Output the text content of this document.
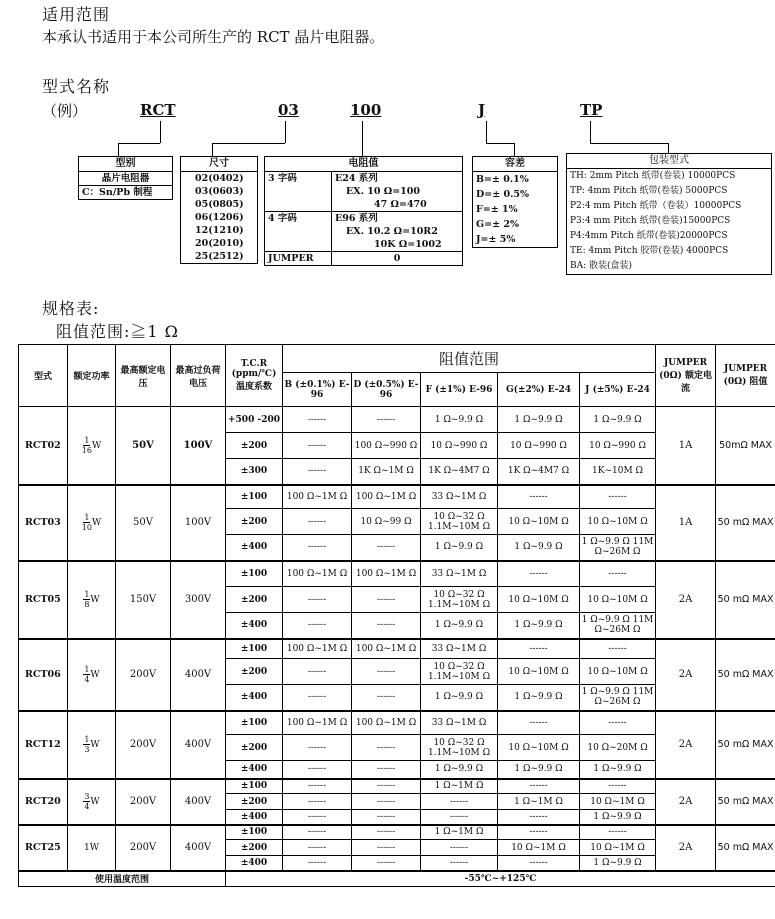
适用范围
本承认书适用于本公司所生产的 RCT 晶片电阻器。
型式名称
（例）	RCT	03	100	J	TP
型别
晶片电阻器
C：Sn/Pb 制程
尺寸
02(0402)
03(0603)
05(0805)
06(1206)
12(1210)
20(2010)
25(2512)
电阻值
3 字码	E24 系列
EX. 10 Ω=100
47 Ω=470
4 字码	E96 系列
EX. 10.2 Ω=10R2
10K Ω=1002
JUMPER	0
容差
B=± 0.1%
D=± 0.5%
F=± 1%
G=± 2%
J=± 5%
包装型式
TH: 2mm Pitch 纸带(卷装) 10000PCS
TP: 4mm Pitch 纸带(卷装) 5000PCS
P2:4 mm Pitch 纸带（卷装）10000PCS
P3:4 mm Pitch 纸带(卷装)15000PCS
P4:4mm Pitch 纸带(卷装)20000PCS
TE: 4mm Pitch 胶带(卷装) 4000PCS
BA: 散装(盒装)
规格表:
阻值范围:≧1 Ω
型式	额定功率	最高额定电压	最高过负荷电压	T.C.R (ppm/℃) 温度系数	阻值范围					JUMPER (0Ω) 额定电流	JUMPER (0Ω) 阻值
					B (±0.1%) E-96	D (±0.5%) E-96	F (±1%) E-96	G(±2%) E-24	J (±5%) E-24		
RCT02	$\frac{1}{16}$ W	50V	100V	+500 -200	------	------	1 Ω~9.9 Ω	1 Ω~9.9 Ω	1 Ω~9.9 Ω	1A	50mΩ MAX
				±200	------	100 Ω~990 Ω	10 Ω~990 Ω	10 Ω~990 Ω	10 Ω~990 Ω		
				±300	------	1K Ω~1M Ω	1K Ω~4M7 Ω	1K Ω~4M7 Ω	1K~10M Ω		
RCT03	$\frac{1}{10}$ W	50V	100V	±100	100 Ω~1M Ω	100 Ω~1M Ω	33 Ω~1M Ω	------	------	1A	50 mΩ MAX
				±200	------	10 Ω~99 Ω	10 Ω~32 Ω 1.1M~10M Ω	10 Ω~10M Ω	10 Ω~10M Ω		
				±400	------	------	1 Ω~9.9 Ω	1 Ω~9.9 Ω	1 Ω~9.9 Ω 11M Ω~26M Ω		
RCT05	$\frac{1}{8}$ W	150V	300V	±100	100 Ω~1M Ω	100 Ω~1M Ω	33 Ω~1M Ω	------	------	2A	50 mΩ MAX
				±200	------	------	10 Ω~32 Ω 1.1M~10M Ω	10 Ω~10M Ω	10 Ω~10M Ω		
				±400	------	------	1 Ω~9.9 Ω	1 Ω~9.9 Ω	1 Ω~9.9 Ω 11M Ω~26M Ω		
RCT06	$\frac{1}{4}$ W	200V	400V	±100	100 Ω~1M Ω	100 Ω~1M Ω	33 Ω~1M Ω	------	------	2A	50 mΩ MAX
				±200	------	------	10 Ω~32 Ω 1.1M~10M Ω	10 Ω~10M Ω	10 Ω~10M Ω		
				±400	------	------	1 Ω~9.9 Ω	1 Ω~9.9 Ω	1 Ω~9.9 Ω 11M Ω~26M Ω		
RCT12	$\frac{1}{3}$ W	200V	400V	±100	100 Ω~1M Ω	100 Ω~1M Ω	33 Ω~1M Ω	------	------	2A	50 mΩ MAX
				±200	------	------	10 Ω~32 Ω 1.1M~10M Ω	10 Ω~10M Ω	10 Ω~20M Ω		
				±400	------	------	1 Ω~9.9 Ω	1 Ω~9.9 Ω	1 Ω~9.9 Ω		
RCT20	$\frac{3}{4}$ W	200V	400V	±100	------	------	1 Ω~1M Ω	------	------	2A	50 mΩ MAX
				±200	------	------	------	1 Ω~1M Ω	10 Ω~1M Ω		
				±400	------	------	------	------	1 Ω~9.9 Ω		
RCT25	1W	200V	400V	±100	------	------	1 Ω~1M Ω	------	------	2A	50 mΩ MAX
				±200	------	------	------	10 Ω~1M Ω	10 Ω~1M Ω		
				±400	------	------	------	------	1 Ω~9.9 Ω		
使用温度范围				-55℃~+125℃							
